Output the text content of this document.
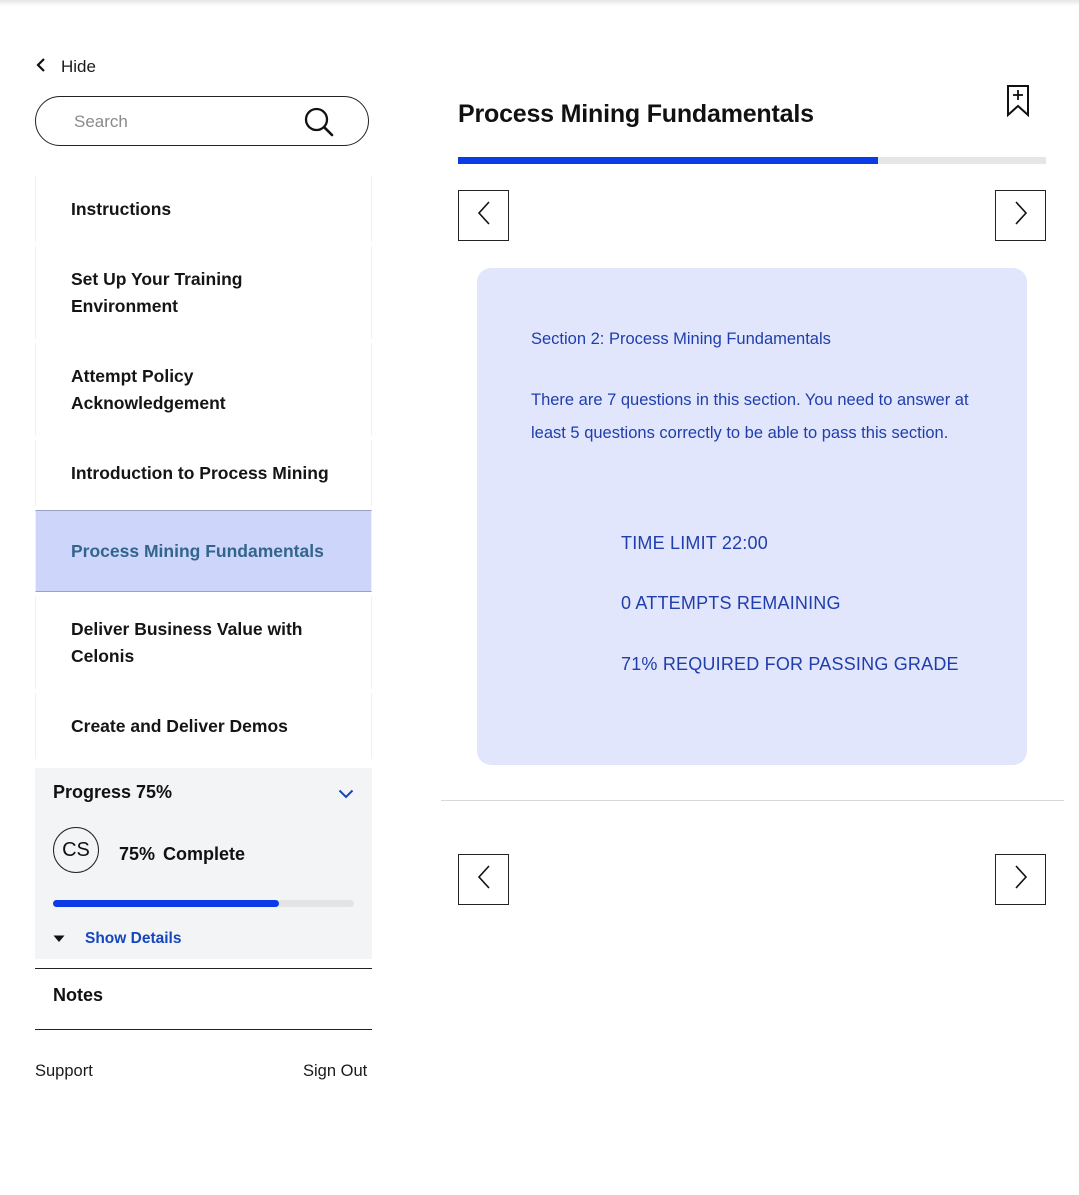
Hide
Search
Instructions
Set Up Your Training Environment
Attempt Policy Acknowledgement
Introduction to Process Mining
Process Mining Fundamentals
Deliver Business Value with Celonis
Create and Deliver Demos
Progress 75%
CS	75% Complete
Show Details
Notes
Support	Sign Out
Process Mining Fundamentals
Section 2: Process Mining Fundamentals
There are 7 questions in this section. You need to answer at least 5 questions correctly to be able to pass this section.
TIME LIMIT 22:00
0 ATTEMPTS REMAINING
71% REQUIRED FOR PASSING GRADE
